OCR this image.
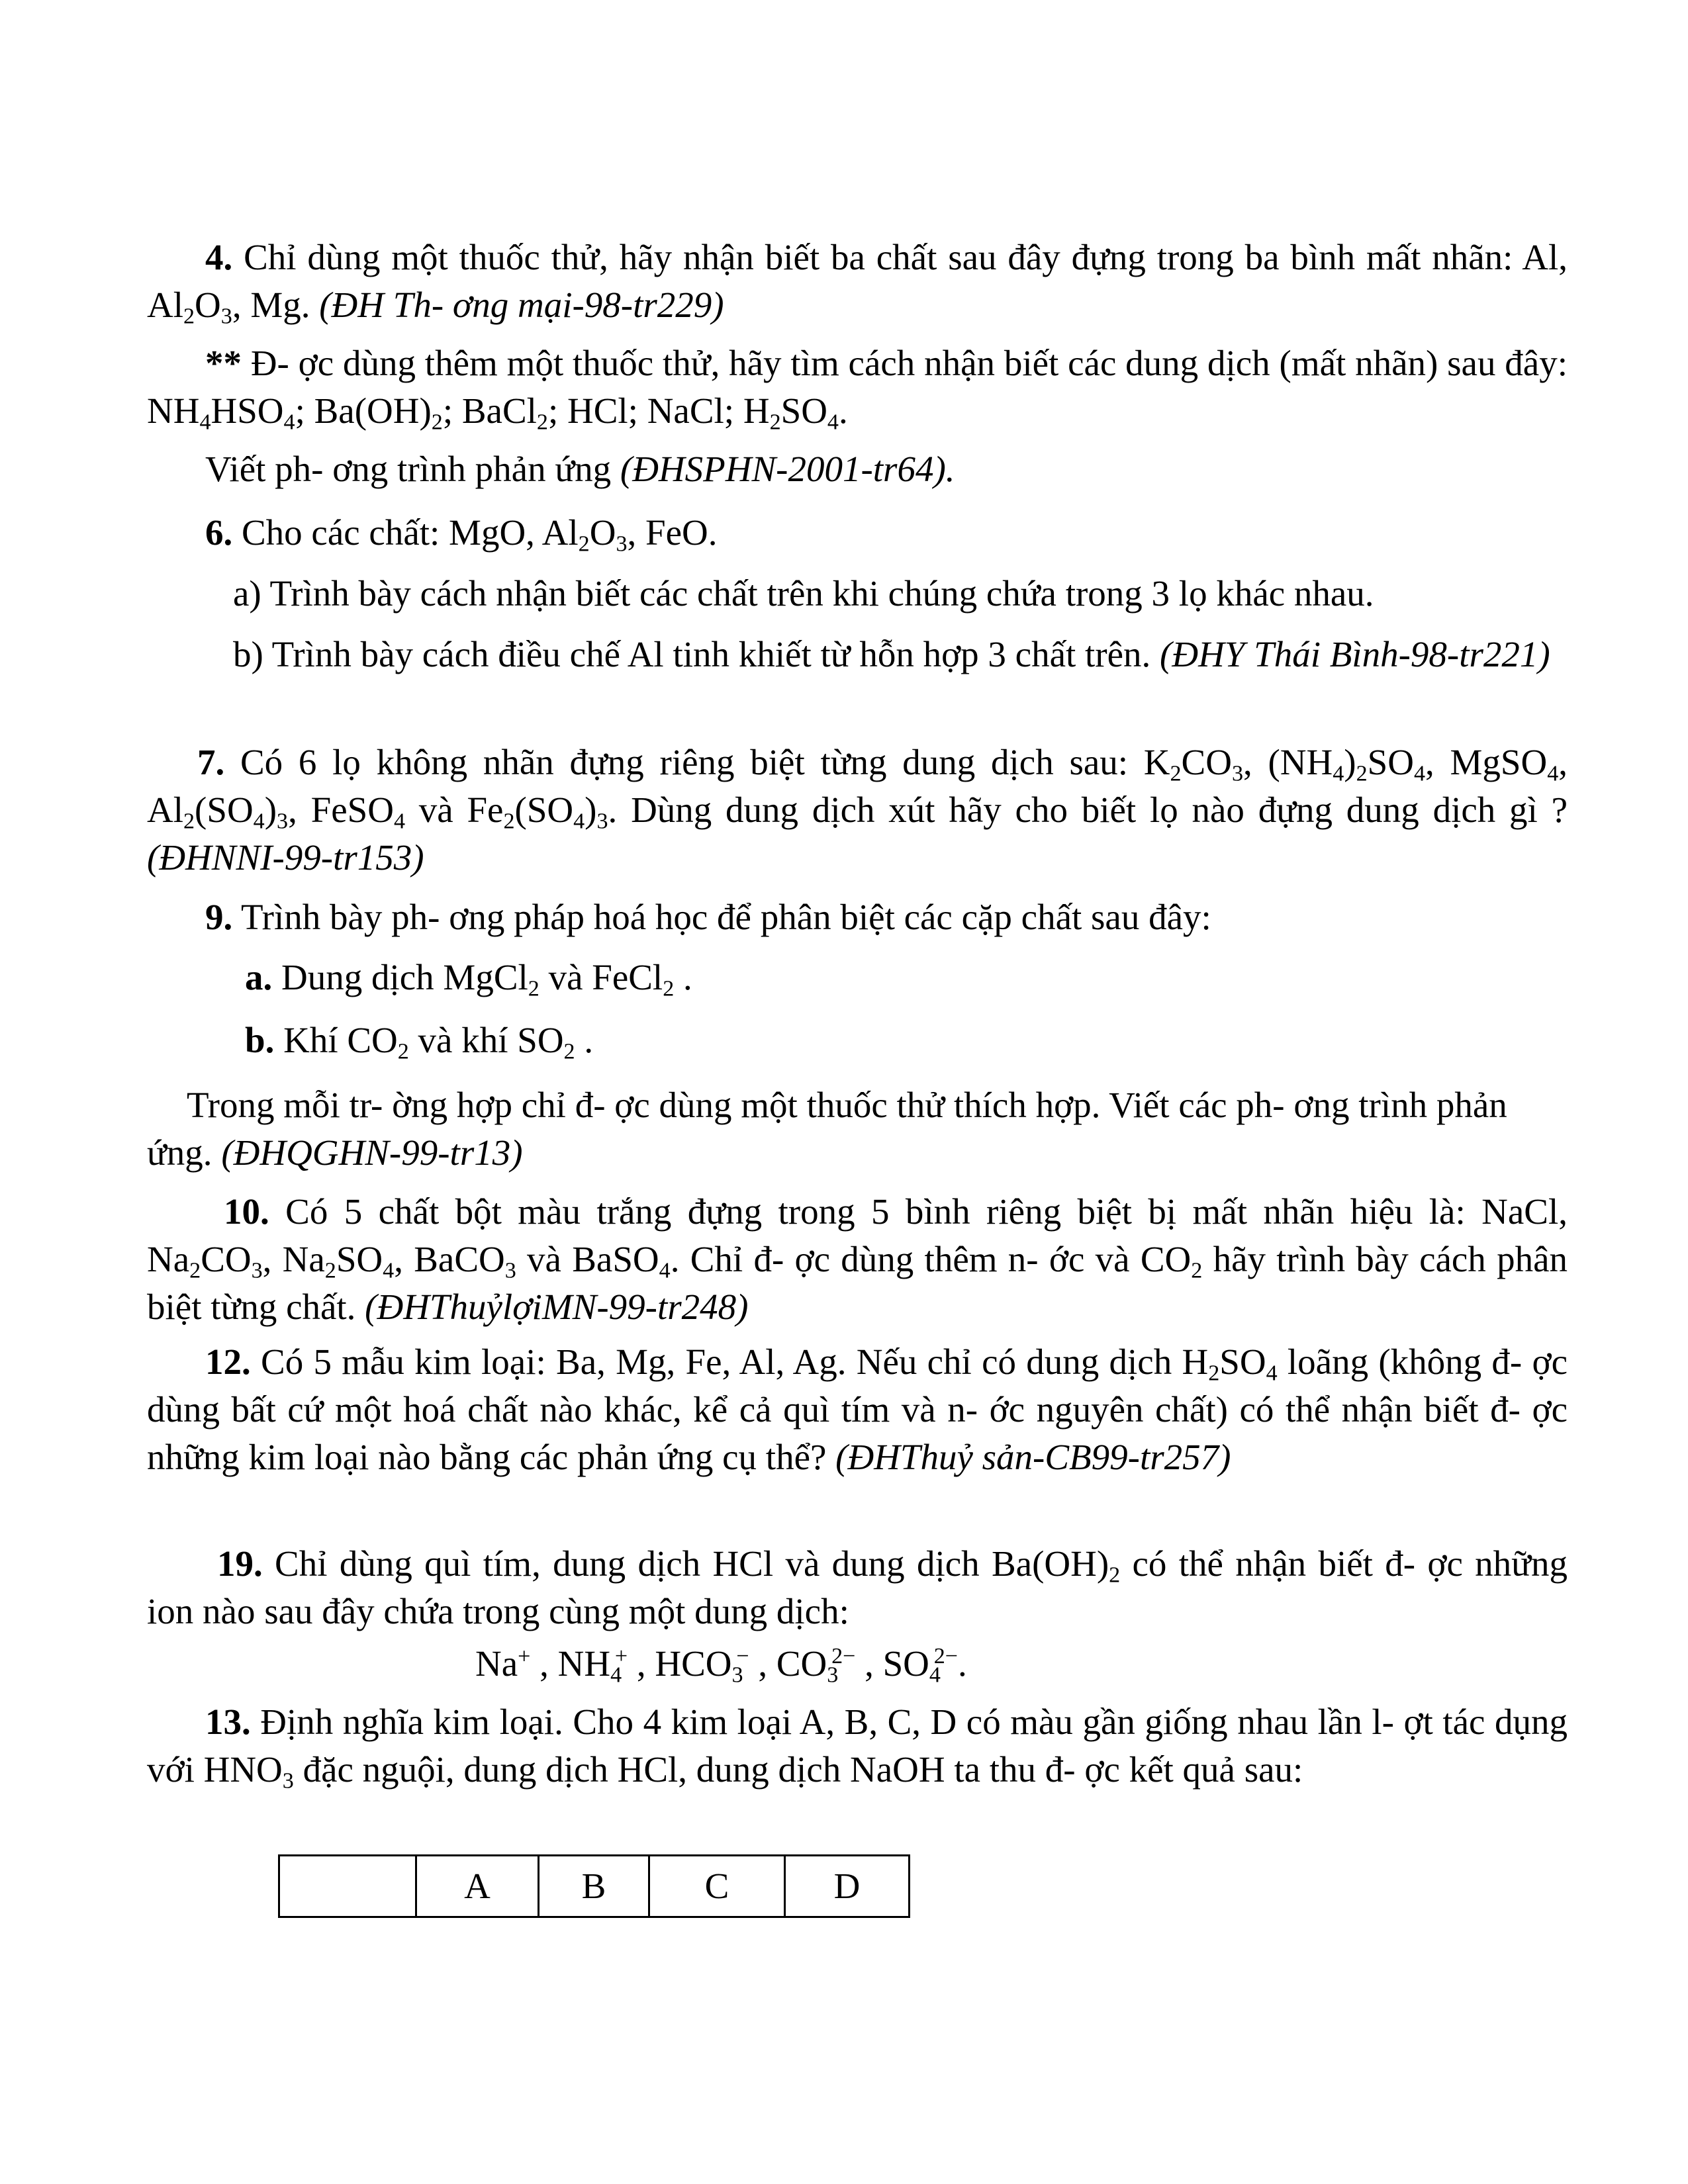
4. Chỉ dùng một thuốc thử, hãy nhận biết ba chất sau đây đựng trong ba bình mất nhãn: Al, $Al_2O_3$, Mg. (ĐH Th- ơng mại-98-tr229)

** Đ- ợc dùng thêm một thuốc thử, hãy tìm cách nhận biết các dung dịch (mất nhãn) sau đây: $NH_4HSO_4$; $Ba(OH)_2$; BaCl$_2$; HCl; NaCl; $H_2SO_4$.

Viết ph- ơng trình phản ứng (ĐHSPHN-2001-tr64).

6. Cho các chất: MgO, $Al_2O_3$, FeO.

a) Trình bày cách nhận biết các chất trên khi chúng chứa trong 3 lọ khác nhau.

b) Trình bày cách điều chế Al tinh khiết từ hỗn hợp 3 chất trên. (ĐHY Thái Bình-98-tr221)

7. Có 6 lọ không nhãn đựng riêng biệt từng dung dịch sau: $K_2CO_3$, $(NH_4)_2SO_4$, MgSO$_4$, $Al_2(SO_4)_3$, FeSO$_4$ và $Fe_2(SO_4)_3$. Dùng dung dịch xút hãy cho biết lọ nào đựng dung dịch gì ? (ĐHNNI-99-tr153)

9. Trình bày ph- ơng pháp hoá học để phân biệt các cặp chất sau đây:

a. Dung dịch MgCl$_2$ và FeCl$_2$ .

b. Khí $CO_2$ và khí $SO_2$ .

Trong mỗi tr- ờng hợp chỉ đ- ợc dùng một thuốc thử thích hợp. Viết các ph- ơng trình phản ứng. (ĐHQGHN-99-tr13)

10. Có 5 chất bột màu trắng đựng trong 5 bình riêng biệt bị mất nhãn hiệu là: NaCl, $Na_2CO_3$, $Na_2SO_4$, BaCO$_3$ và BaSO$_4$. Chỉ đ- ợc dùng thêm n- ớc và $CO_2$ hãy trình bày cách phân biệt từng chất. (ĐHThuỷlợiMN-99-tr248)

12. Có 5 mẫu kim loại: Ba, Mg, Fe, Al, Ag. Nếu chỉ có dung dịch $H_2SO_4$ loãng (không đ- ợc dùng bất cứ một hoá chất nào khác, kể cả quì tím và n- ớc nguyên chất) có thể nhận biết đ- ợc những kim loại nào bằng các phản ứng cụ thể? (ĐHThuỷ sản-CB99-tr257)

19. Chỉ dùng quì tím, dung dịch HCl và dung dịch $Ba(OH)_2$ có thể nhận biết đ- ợc những ion nào sau đây chứa trong cùng một dung dịch:

Na+ , $NH_4^+$ , $HCO_3^-$ , $CO_3^{2-}$ , $SO_4^{2-}$.

13. Định nghĩa kim loại. Cho 4 kim loại A, B, C, D có màu gần giống nhau lần l- ợt tác dụng với $HNO_3$ đặc nguội, dung dịch HCl, dung dịch NaOH ta thu đ- ợc kết quả sau:

	A	B	C	D
